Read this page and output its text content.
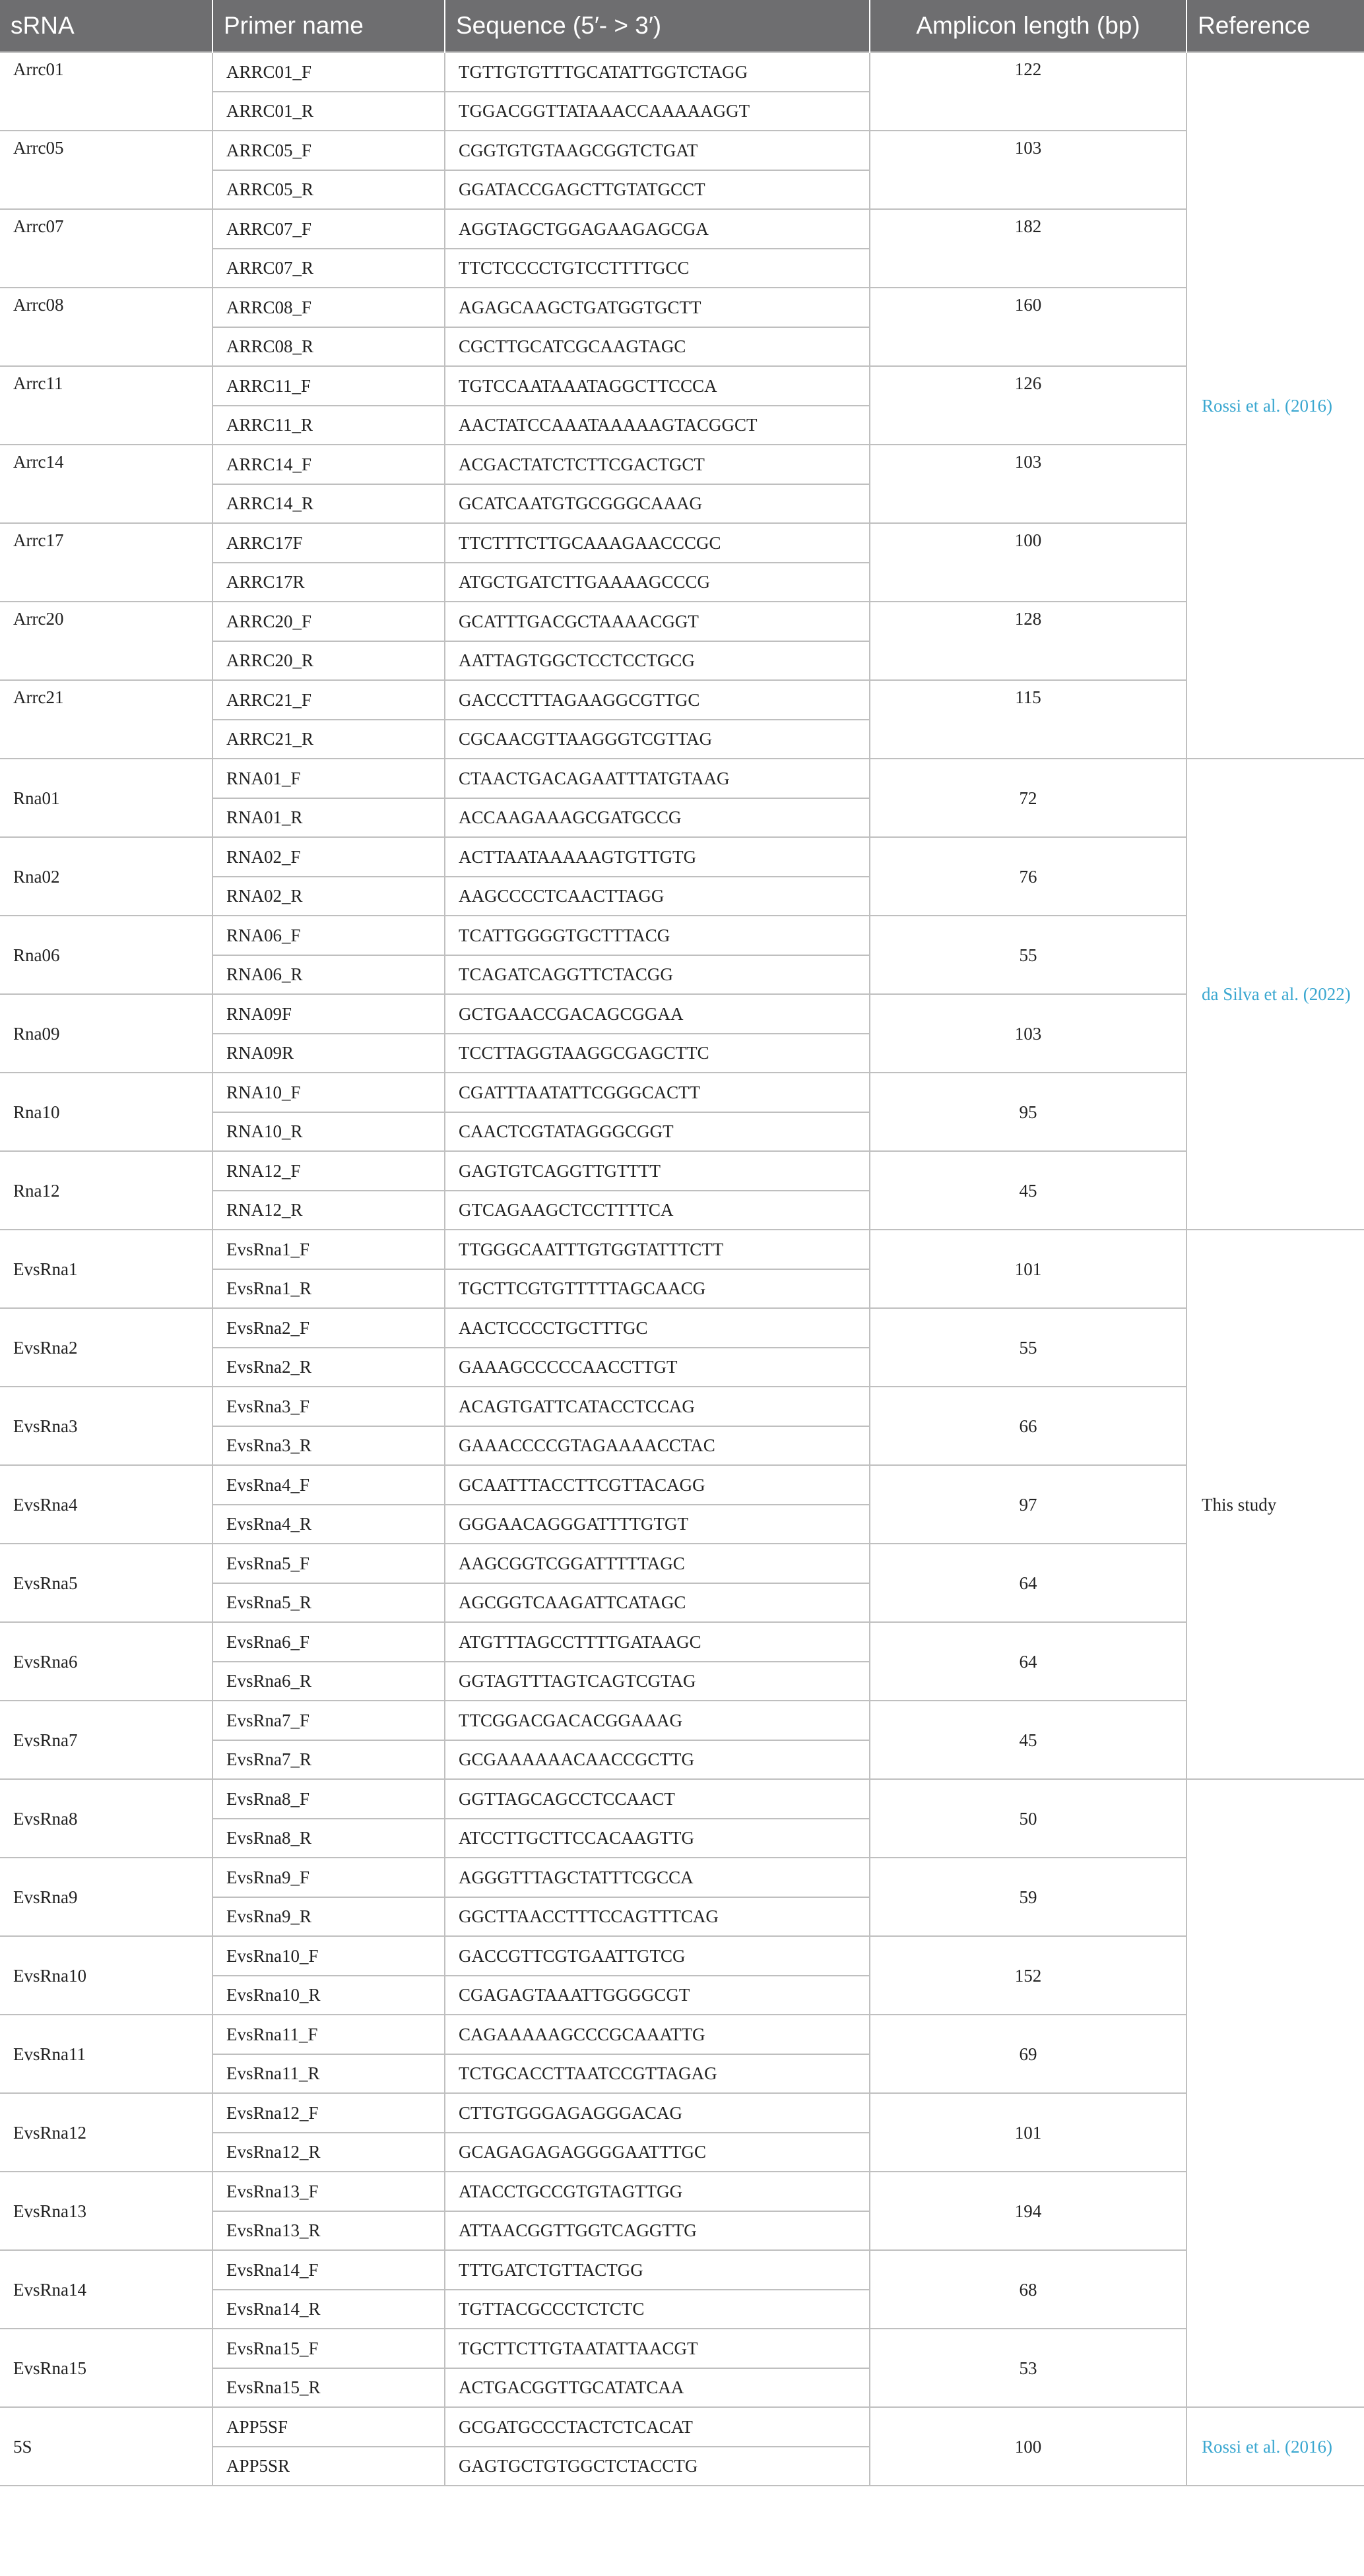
sRNA	Primer name	Sequence (5′- > 3′)	Amplicon length (bp)	Reference
Arrc01	ARRC01_F	TGTTGTGTTTGCATATTGGTCTAGG	122	Rossi et al. (2016)
	ARRC01_R	TGGACGGTTATAAACCAAAAAGGT		
Arrc05	ARRC05_F	CGGTGTGTAAGCGGTCTGAT	103	
	ARRC05_R	GGATACCGAGCTTGTATGCCT		
Arrc07	ARRC07_F	AGGTAGCTGGAGAAGAGCGA	182	
	ARRC07_R	TTCTCCCCTGTCCTTTTGCC		
Arrc08	ARRC08_F	AGAGCAAGCTGATGGTGCTT	160	
	ARRC08_R	CGCTTGCATCGCAAGTAGC		
Arrc11	ARRC11_F	TGTCCAATAAATAGGCTTCCCA	126	
	ARRC11_R	AACTATCCAAATAAAAAGTACGGCT		
Arrc14	ARRC14_F	ACGACTATCTCTTCGACTGCT	103	
	ARRC14_R	GCATCAATGTGCGGGCAAAG		
Arrc17	ARRC17F	TTCTTTCTTGCAAAGAACCCGC	100	
	ARRC17R	ATGCTGATCTTGAAAAGCCCG		
Arrc20	ARRC20_F	GCATTTGACGCTAAAACGGT	128	
	ARRC20_R	AATTAGTGGCTCCTCCTGCG		
Arrc21	ARRC21_F	GACCCTTTAGAAGGCGTTGC	115	
	ARRC21_R	CGCAACGTTAAGGGTCGTTAG		
Rna01	RNA01_F	CTAACTGACAGAATTTATGTAAG	72	da Silva et al. (2022)
	RNA01_R	ACCAAGAAAGCGATGCCG		
Rna02	RNA02_F	ACTTAATAAAAAGTGTTGTG	76	
	RNA02_R	AAGCCCCTCAACTTAGG		
Rna06	RNA06_F	TCATTGGGGTGCTTTACG	55	
	RNA06_R	TCAGATCAGGTTCTACGG		
Rna09	RNA09F	GCTGAACCGACAGCGGAA	103	
	RNA09R	TCCTTAGGTAAGGCGAGCTTC		
Rna10	RNA10_F	CGATTTAATATTCGGGCACTT	95	
	RNA10_R	CAACTCGTATAGGGCGGT		
Rna12	RNA12_F	GAGTGTCAGGTTGTTTT	45	
	RNA12_R	GTCAGAAGCTCCTTTTCA		
EvsRna1	EvsRna1_F	TTGGGCAATTTGTGGTATTTCTT	101	This study
	EvsRna1_R	TGCTTCGTGTTTTTAGCAACG		
EvsRna2	EvsRna2_F	AACTCCCCTGCTTTGC	55	
	EvsRna2_R	GAAAGCCCCCAACCTTGT		
EvsRna3	EvsRna3_F	ACAGTGATTCATACCTCCAG	66	
	EvsRna3_R	GAAACCCCGTAGAAAACCTAC		
EvsRna4	EvsRna4_F	GCAATTTACCTTCGTTACAGG	97	
	EvsRna4_R	GGGAACAGGGATTTTGTGT		
EvsRna5	EvsRna5_F	AAGCGGTCGGATTTTTAGC	64	
	EvsRna5_R	AGCGGTCAAGATTCATAGC		
EvsRna6	EvsRna6_F	ATGTTTAGCCTTTTGATAAGC	64	
	EvsRna6_R	GGTAGTTTAGTCAGTCGTAG		
EvsRna7	EvsRna7_F	TTCGGACGACACGGAAAG	45	
	EvsRna7_R	GCGAAAAAACAACCGCTTG		
EvsRna8	EvsRna8_F	GGTTAGCAGCCTCCAACT	50	
	EvsRna8_R	ATCCTTGCTTCCACAAGTTG		
EvsRna9	EvsRna9_F	AGGGTTTAGCTATTTCGCCA	59	
	EvsRna9_R	GGCTTAACCTTTCCAGTTTCAG		
EvsRna10	EvsRna10_F	GACCGTTCGTGAATTGTCG	152	
	EvsRna10_R	CGAGAGTAAATTGGGGCGT		
EvsRna11	EvsRna11_F	CAGAAAAAGCCCGCAAATTG	69	
	EvsRna11_R	TCTGCACCTTAATCCGTTAGAG		
EvsRna12	EvsRna12_F	CTTGTGGGAGAGGGACAG	101	
	EvsRna12_R	GCAGAGAGAGGGGAATTTGC		
EvsRna13	EvsRna13_F	ATACCTGCCGTGTAGTTGG	194	
	EvsRna13_R	ATTAACGGTTGGTCAGGTTG		
EvsRna14	EvsRna14_F	TTTGATCTGTTACTGG	68	
	EvsRna14_R	TGTTACGCCCTCTCTC		
EvsRna15	EvsRna15_F	TGCTTCTTGTAATATTAACGT	53	
	EvsRna15_R	ACTGACGGTTGCATATCAA		
5S	APP5SF	GCGATGCCCTACTCTCACAT	100	Rossi et al. (2016)
	APP5SR	GAGTGCTGTGGCTCTACCTG		
